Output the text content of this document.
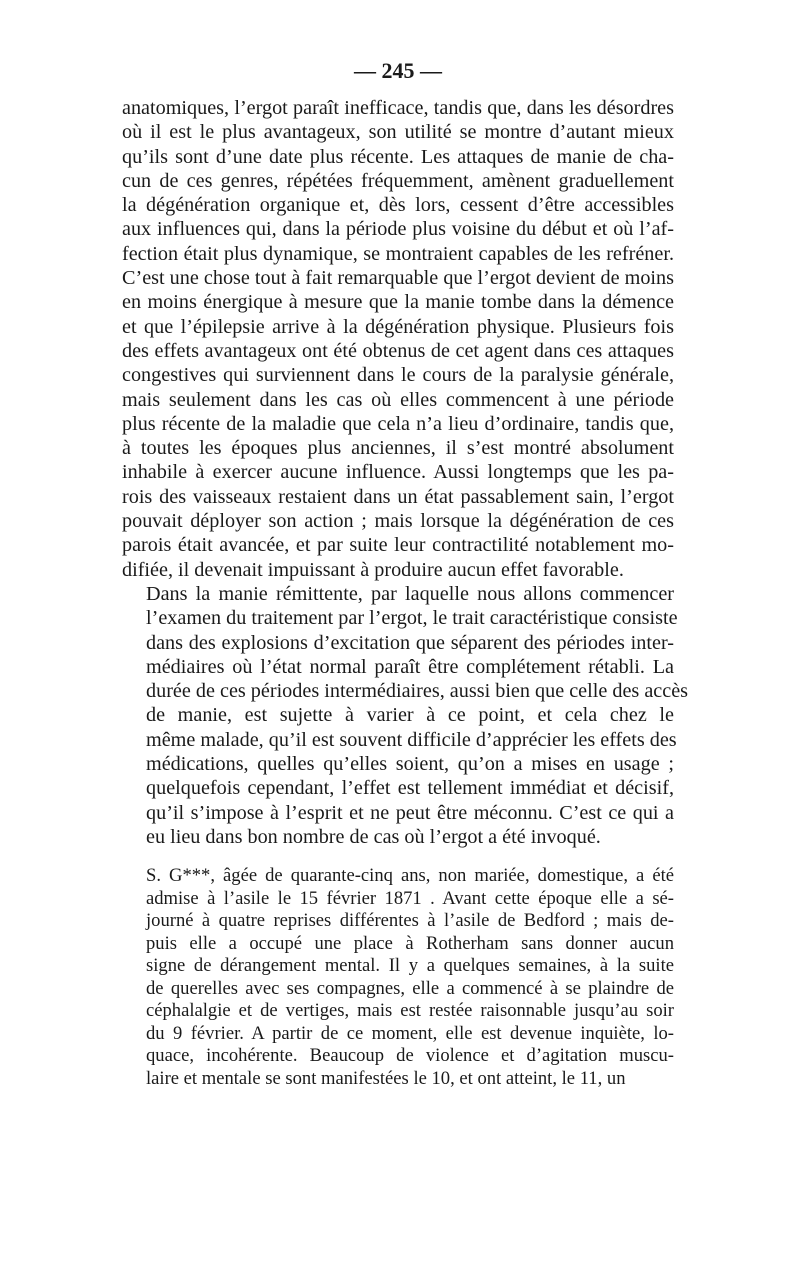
— 245 —
anatomiques, l’ergot paraît inefficace, tandis que, dans les désordres
où il est le plus avantageux, son utilité se montre d’autant mieux
qu’ils sont d’une date plus récente. Les attaques de manie de cha-
cun de ces genres, répétées fréquemment, amènent graduellement
la dégénération organique et, dès lors, cessent d’être accessibles
aux influences qui, dans la période plus voisine du début et où l’af-
fection était plus dynamique, se montraient capables de les refréner.
C’est une chose tout à fait remarquable que l’ergot devient de moins
en moins énergique à mesure que la manie tombe dans la démence
et que l’épilepsie arrive à la dégénération physique. Plusieurs fois
des effets avantageux ont été obtenus de cet agent dans ces attaques
congestives qui surviennent dans le cours de la paralysie générale,
mais seulement dans les cas où elles commencent à une période
plus récente de la maladie que cela n’a lieu d’ordinaire, tandis que,
à toutes les époques plus anciennes, il s’est montré absolument
inhabile à exercer aucune influence. Aussi longtemps que les pa-
rois des vaisseaux restaient dans un état passablement sain, l’ergot
pouvait déployer son action ; mais lorsque la dégénération de ces
parois était avancée, et par suite leur contractilité notablement mo-
difiée, il devenait impuissant à produire aucun effet favorable.
Dans la manie rémittente, par laquelle nous allons commencer
l’examen du traitement par l’ergot, le trait caractéristique consiste
dans des explosions d’excitation que séparent des périodes inter-
médiaires où l’état normal paraît être complétement rétabli. La
durée de ces périodes intermédiaires, aussi bien que celle des accès
de manie, est sujette à varier à ce point, et cela chez le
même malade, qu’il est souvent difficile d’apprécier les effets des
médications, quelles qu’elles soient, qu’on a mises en usage ;
quelquefois cependant, l’effet est tellement immédiat et décisif,
qu’il s’impose à l’esprit et ne peut être méconnu. C’est ce qui a
eu lieu dans bon nombre de cas où l’ergot a été invoqué.
S. G***, âgée de quarante-cinq ans, non mariée, domestique, a été
admise à l’asile le 15 février 1871 . Avant cette époque elle a sé-
journé à quatre reprises différentes à l’asile de Bedford ; mais de-
puis elle a occupé une place à Rotherham sans donner aucun
signe de dérangement mental. Il y a quelques semaines, à la suite
de querelles avec ses compagnes, elle a commencé à se plaindre de
céphalalgie et de vertiges, mais est restée raisonnable jusqu’au soir
du 9 février. A partir de ce moment, elle est devenue inquiète, lo-
quace, incohérente. Beaucoup de violence et d’agitation muscu-
laire et mentale se sont manifestées le 10, et ont atteint, le 11, un
